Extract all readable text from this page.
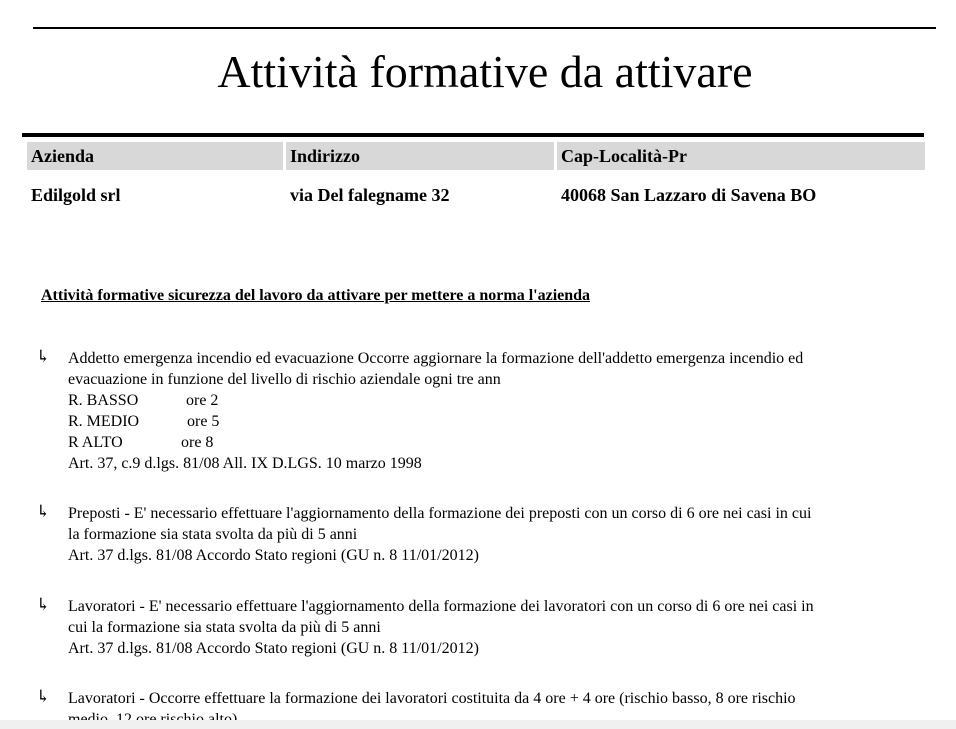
Attività formative da attivare
Azienda	Indirizzo	Cap-Località-Pr
Edilgold srl	via Del falegname 32	40068 San Lazzaro di Savena BO
Attività formative sicurezza del lavoro da attivare per mettere a norma l'azienda
↳	Addetto emergenza incendio ed evacuazione Occorre aggiornare la formazione dell'addetto emergenza incendio ed
evacuazione in funzione del livello di rischio aziendale ogni tre ann
R. BASSO	ore 2
R. MEDIO	ore 5
R ALTO	ore 8
Art. 37, c.9 d.lgs. 81/08 All. IX D.LGS. 10 marzo 1998
↳	Preposti - E' necessario effettuare l'aggiornamento della formazione dei preposti con un corso di 6 ore nei casi in cui
la formazione sia stata svolta da più di 5 anni
Art. 37 d.lgs. 81/08 Accordo Stato regioni (GU n. 8 11/01/2012)
↳	Lavoratori - E' necessario effettuare l'aggiornamento della formazione dei lavoratori con un corso di 6 ore nei casi in
cui la formazione sia stata svolta da più di 5 anni
Art. 37 d.lgs. 81/08 Accordo Stato regioni (GU n. 8 11/01/2012)
↳	Lavoratori - Occorre effettuare la formazione dei lavoratori costituita da 4 ore + 4 ore (rischio basso, 8 ore rischio
